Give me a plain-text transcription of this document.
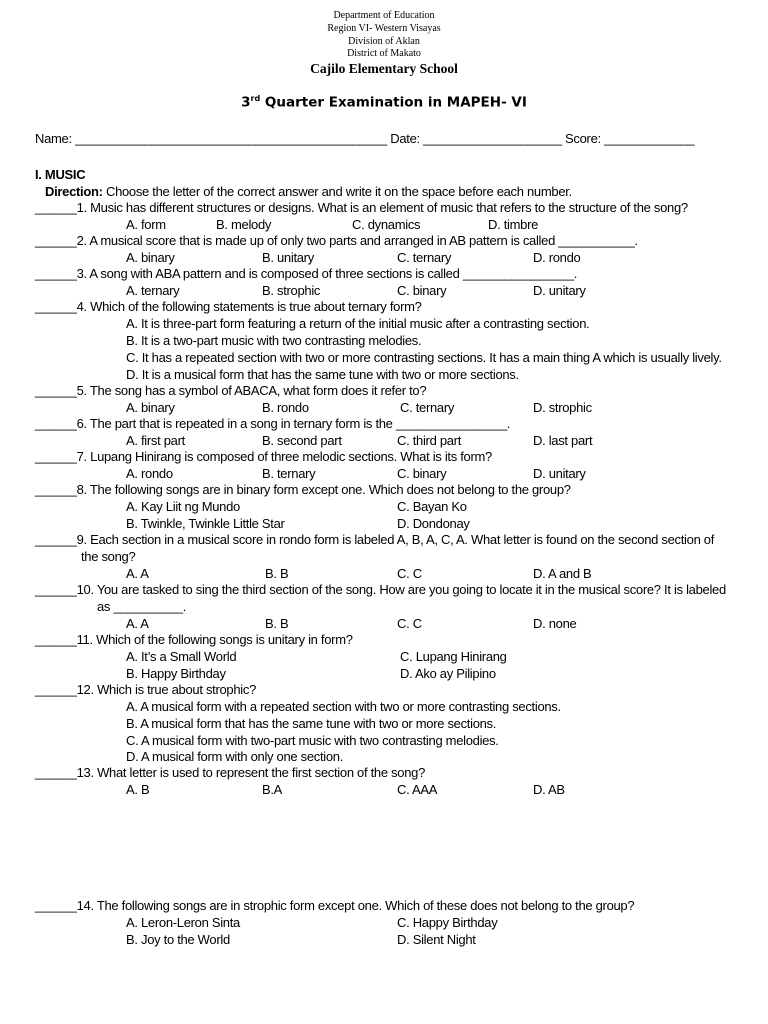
Department of Education
Region VI- Western Visayas
Division of Aklan
District of Makato
Cajilo Elementary School
3rd Quarter Examination in MAPEH- VI
Name: _____________________________________________ Date: ____________________ Score: _____________
I. MUSIC
Direction: Choose the letter of the correct answer and write it on the space before each number.
______1. Music has different structures or designs. What is an element of music that refers to the structure of the song?
A. form	B. melody	C. dynamics	D. timbre
______2. A musical score that is made up of only two parts and arranged in AB pattern is called ___________.
A. binary	B. unitary	C. ternary	D. rondo
______3. A song with ABA pattern and is composed of three sections is called ________________.
A. ternary	B. strophic	C. binary	D. unitary
______4. Which of the following statements is true about ternary form?
A. It is three-part form featuring a return of the initial music after a contrasting section.
B. It is a two-part music with two contrasting melodies.
C. It has a repeated section with two or more contrasting sections. It has a main thing A which is usually lively.
D. It is a musical form that has the same tune with two or more sections.
______5. The song has a symbol of ABACA, what form does it refer to?
A. binary	B. rondo	C. ternary	D. strophic
______6. The part that is repeated in a song in ternary form is the ________________.
A. first part	B. second part	C. third part	D. last part
______7. Lupang Hinirang is composed of three melodic sections. What is its form?
A. rondo	B. ternary	C. binary	D. unitary
______8. The following songs are in binary form except one. Which does not belong to the group?
A. Kay Liit ng Mundo
B. Twinkle, Twinkle Little Star
C. Bayan Ko
D. Dondonay
______9. Each section in a musical score in rondo form is labeled A, B, A, C, A. What letter is found on the second section of
the song?
A. A	B. B	C. C	D. A and B
______10. You are tasked to sing the third section of the song. How are you going to locate it in the musical score? It is labeled
as __________.
A. A	B. B	C. C	D. none
______11. Which of the following songs is unitary in form?
A. It’s a Small World
B. Happy Birthday
C. Lupang Hinirang
D. Ako ay Pilipino
______12. Which is true about strophic?
A. A musical form with a repeated section with two or more contrasting sections.
B. A musical form that has the same tune with two or more sections.
C. A musical form with two-part music with two contrasting melodies.
D. A musical form with only one section.
______13. What letter is used to represent the first section of the song?
A. B	B.A	C. AAA	D. AB
______14. The following songs are in strophic form except one. Which of these does not belong to the group?
A. Leron-Leron Sinta
B. Joy to the World
C. Happy Birthday
D. Silent Night
